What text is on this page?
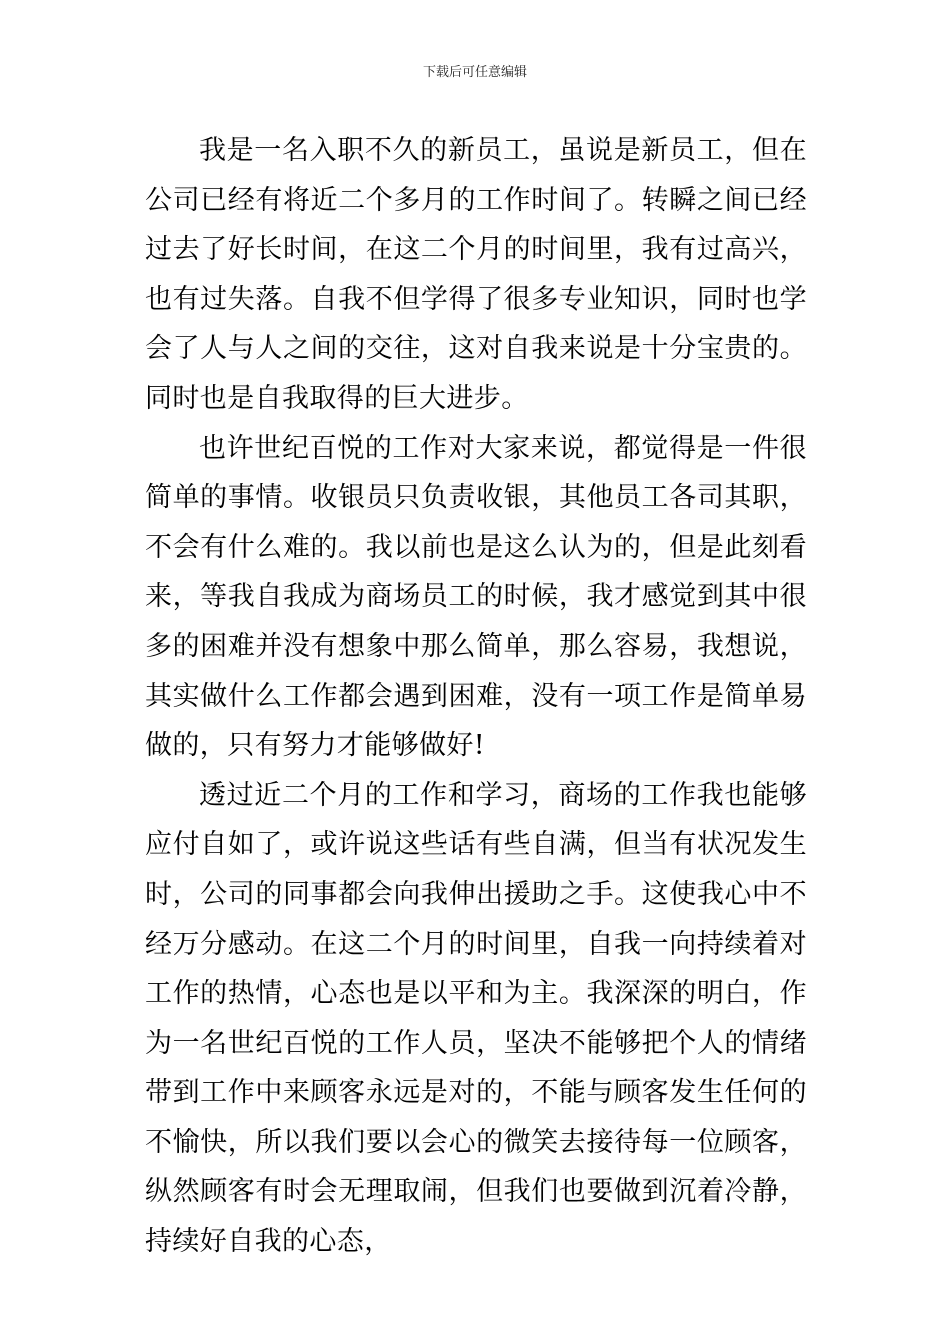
下载后可任意编辑

我是一名入职不久的新员工，虽说是新员工，但在公司已经有将近二个多月的工作时间了。转瞬之间已经过去了好长时间，在这二个月的时间里，我有过高兴，也有过失落。自我不但学得了很多专业知识，同时也学会了人与人之间的交往，这对自我来说是十分宝贵的。同时也是自我取得的巨大进步。

也许世纪百悦的工作对大家来说，都觉得是一件很简单的事情。收银员只负责收银，其他员工各司其职，不会有什么难的。我以前也是这么认为的，但是此刻看来，等我自我成为商场员工的时候，我才感觉到其中很多的困难并没有想象中那么简单，那么容易，我想说，其实做什么工作都会遇到困难，没有一项工作是简单易做的，只有努力才能够做好!

透过近二个月的工作和学习，商场的工作我也能够应付自如了，或许说这些话有些自满，但当有状况发生时，公司的同事都会向我伸出援助之手。这使我心中不经万分感动。在这二个月的时间里，自我一向持续着对工作的热情，心态也是以平和为主。我深深的明白，作为一名世纪百悦的工作人员，坚决不能够把个人的情绪带到工作中来顾客永远是对的，不能与顾客发生任何的不愉快，所以我们要以会心的微笑去接待每一位顾客，纵然顾客有时会无理取闹，但我们也要做到沉着冷静，持续好自我的心态，
